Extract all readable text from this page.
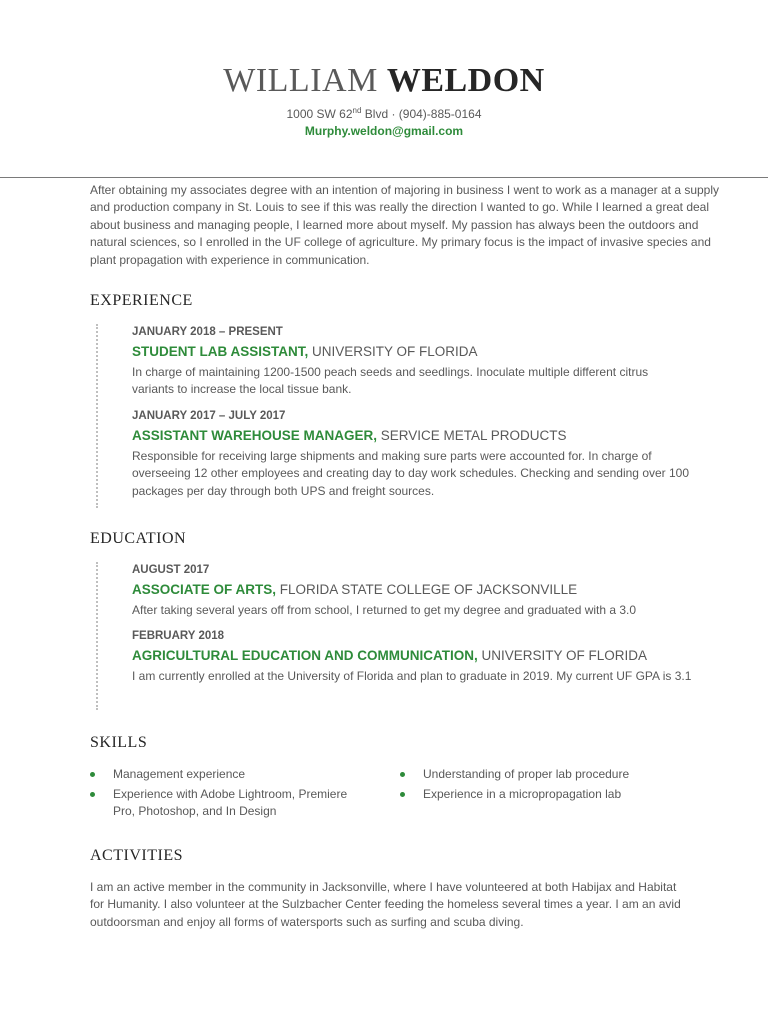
WILLIAM WELDON
1000 SW 62nd Blvd · (904)-885-0164
Murphy.weldon@gmail.com
After obtaining my associates degree with an intention of majoring in business I went to work as a manager at a supply and production company in St. Louis to see if this was really the direction I wanted to go. While I learned a great deal about business and managing people, I learned more about myself. My passion has always been the outdoors and natural sciences, so I enrolled in the UF college of agriculture. My primary focus is the impact of invasive species and plant propagation with experience in communication.
EXPERIENCE
JANUARY 2018 – PRESENT
STUDENT LAB ASSISTANT, UNIVERSITY OF FLORIDA
In charge of maintaining 1200-1500 peach seeds and seedlings. Inoculate multiple different citrus variants to increase the local tissue bank.
JANUARY 2017 – JULY 2017
ASSISTANT WAREHOUSE MANAGER, SERVICE METAL PRODUCTS
Responsible for receiving large shipments and making sure parts were accounted for. In charge of overseeing 12 other employees and creating day to day work schedules. Checking and sending over 100 packages per day through both UPS and freight sources.
EDUCATION
AUGUST 2017
ASSOCIATE OF ARTS, FLORIDA STATE COLLEGE OF JACKSONVILLE
After taking several years off from school, I returned to get my degree and graduated with a 3.0
FEBRUARY 2018
AGRICULTURAL EDUCATION AND COMMUNICATION, UNIVERSITY OF FLORIDA
I am currently enrolled at the University of Florida and plan to graduate in 2019. My current UF GPA is 3.1
SKILLS
Management experience
Experience with Adobe Lightroom, Premiere Pro, Photoshop, and In Design
Understanding of proper lab procedure
Experience in a micropropagation lab
ACTIVITIES
I am an active member in the community in Jacksonville, where I have volunteered at both Habijax and Habitat for Humanity. I also volunteer at the Sulzbacher Center feeding the homeless several times a year. I am an avid outdoorsman and enjoy all forms of watersports such as surfing and scuba diving.
